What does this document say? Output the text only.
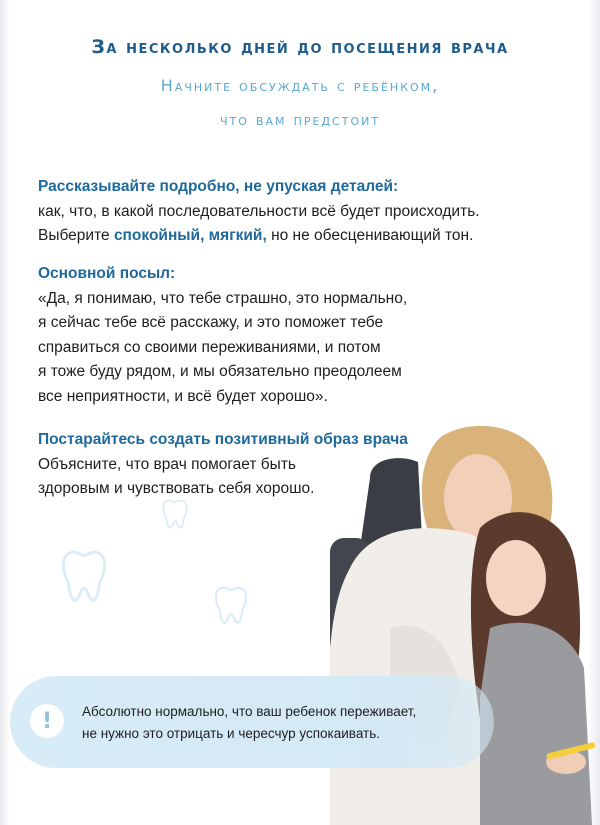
За несколько дней до посещения врача
Начните обсуждать с ребёнком,
что вам предстоит
Рассказывайте подробно, не упуская деталей:
как, что, в какой последовательности всё будет происходить.
Выберите спокойный, мягкий, но не обесценивающий тон.
Основной посыл:
«Да, я понимаю, что тебе страшно, это нормально,
я сейчас тебе всё расскажу, и это поможет тебе
справиться со своими переживаниями, и потом
я тоже буду рядом, и мы обязательно преодолеем
все неприятности, и всё будет хорошо».
Постарайтесь создать позитивный образ врача
Объясните, что врач помогает быть
здоровым и чувствовать себя хорошо.
!	Абсолютно нормально, что ваш ребенок переживает,
не нужно это отрицать и чересчур успокаивать.
